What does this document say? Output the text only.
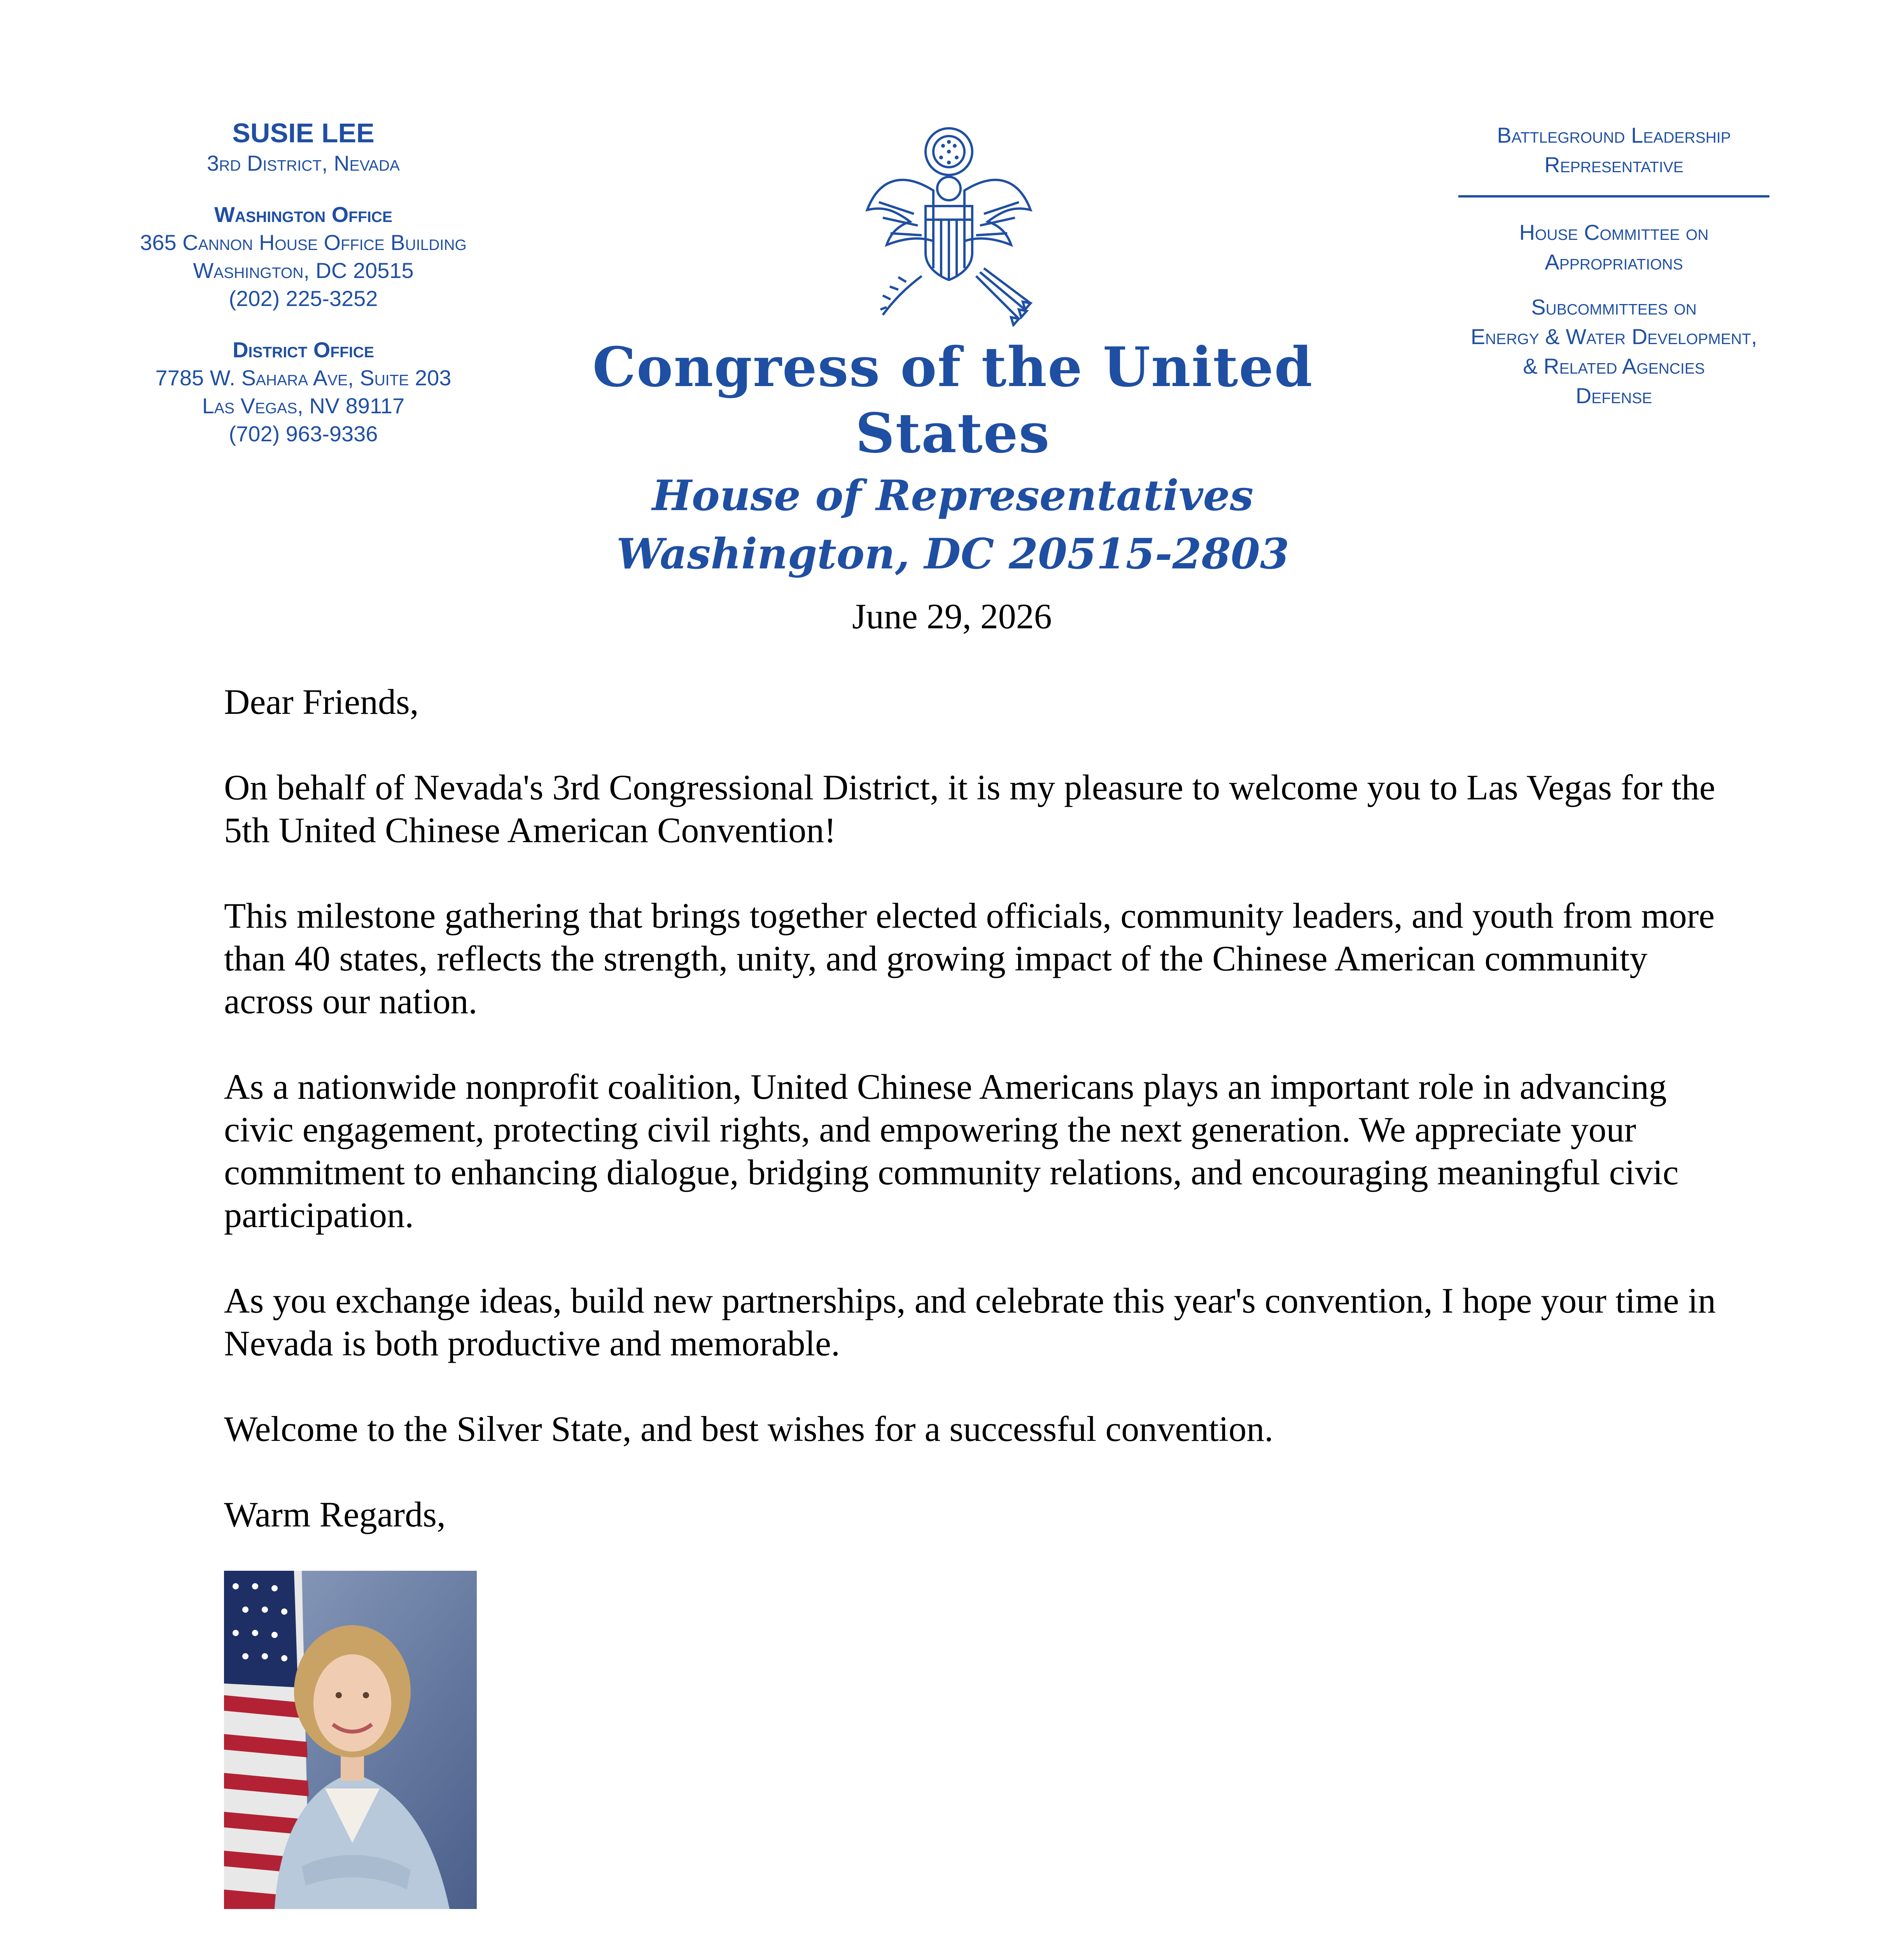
SUSIE LEE
3rd District, Nevada
Washington Office
365 Cannon House Office Building
Washington, DC 20515
(202) 225-3252
District Office
7785 W. Sahara Ave, Suite 203
Las Vegas, NV 89117
(702) 963-9336
Congress of the United States
House of Representatives
Washington, DC 20515-2803
Battleground Leadership
Representative
House Committee on
Appropriations
Subcommittees on
Energy & Water Development,
& Related Agencies
Defense
June 29, 2026
Dear Friends,

On behalf of Nevada's 3rd Congressional District, it is my pleasure to welcome you to Las Vegas for the 5th United Chinese American Convention!

This milestone gathering that brings together elected officials, community leaders, and youth from more than 40 states, reflects the strength, unity, and growing impact of the Chinese American community across our nation.

As a nationwide nonprofit coalition, United Chinese Americans plays an important role in advancing civic engagement, protecting civil rights, and empowering the next generation. We appreciate your commitment to enhancing dialogue, bridging community relations, and encouraging meaningful civic participation.

As you exchange ideas, build new partnerships, and celebrate this year's convention, I hope your time in Nevada is both productive and memorable.

Welcome to the Silver State, and best wishes for a successful convention.

Warm Regards,
